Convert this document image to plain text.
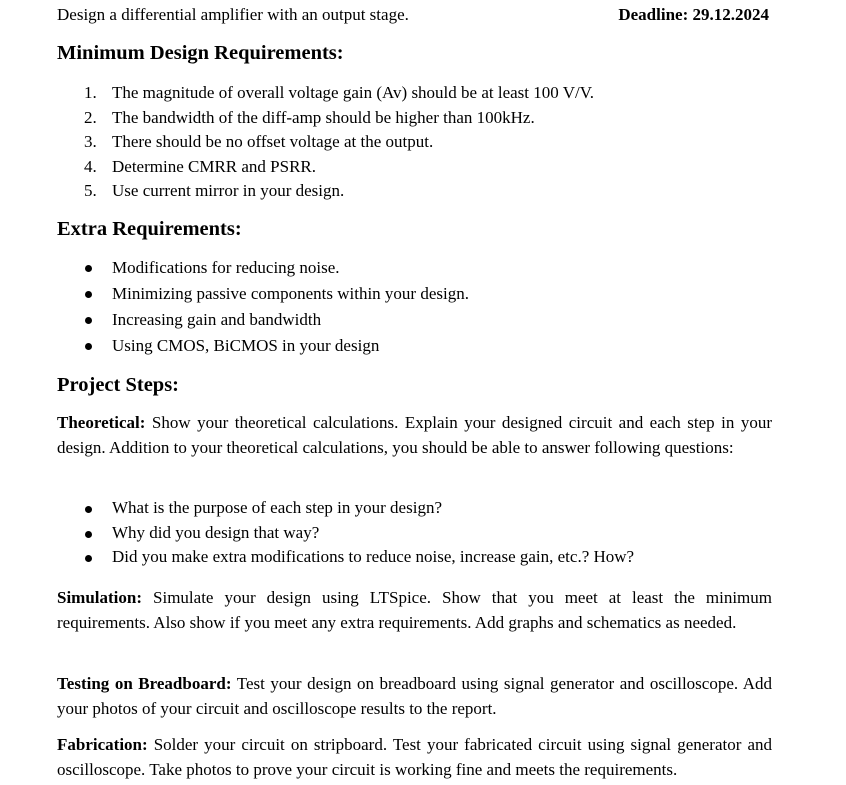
Design a differential amplifier with an output stage.	Deadline: 29.12.2024
Minimum Design Requirements:
1. The magnitude of overall voltage gain (Av) should be at least 100 V/V.
2. The bandwidth of the diff-amp should be higher than 100kHz.
3. There should be no offset voltage at the output.
4. Determine CMRR and PSRR.
5. Use current mirror in your design.
Extra Requirements:
Modifications for reducing noise.
Minimizing passive components within your design.
Increasing gain and bandwidth
Using CMOS, BiCMOS in your design
Project Steps:

Theoretical: Show your theoretical calculations. Explain your designed circuit and each step in your design. Addition to your theoretical calculations, you should be able to answer following questions:

What is the purpose of each step in your design?
Why did you design that way?
Did you make extra modifications to reduce noise, increase gain, etc.? How?

Simulation: Simulate your design using LTSpice. Show that you meet at least the minimum requirements. Also show if you meet any extra requirements. Add graphs and schematics as needed.

Testing on Breadboard: Test your design on breadboard using signal generator and oscilloscope. Add your photos of your circuit and oscilloscope results to the report.

Fabrication: Solder your circuit on stripboard. Test your fabricated circuit using signal generator and oscilloscope. Take photos to prove your circuit is working fine and meets the requirements.
